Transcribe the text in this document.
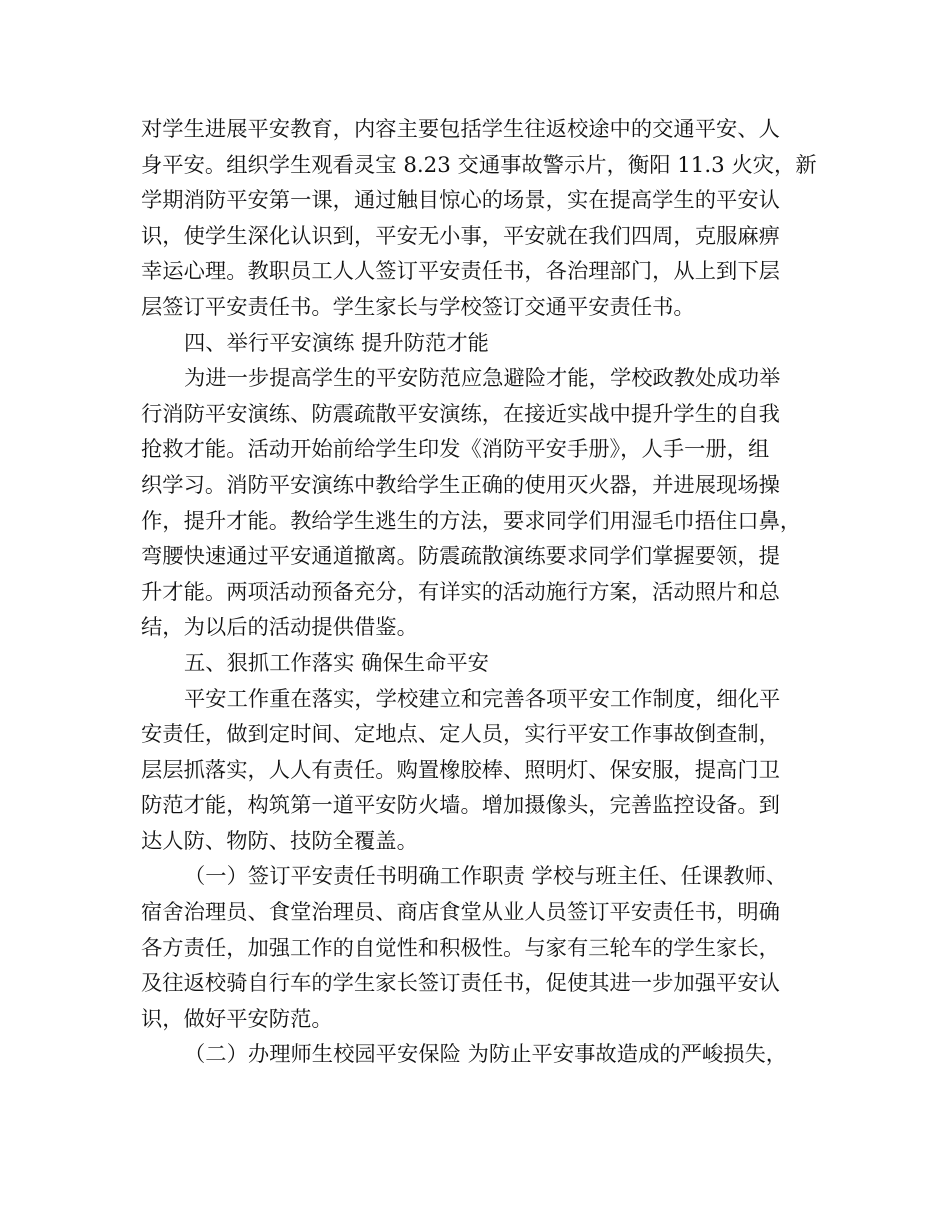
对学生进展平安教育，内容主要包括学生往返校途中的交通平安、人
身平安。组织学生观看灵宝 8.23 交通事故警示片，衡阳 11.3 火灾，新
学期消防平安第一课，通过触目惊心的场景，实在提高学生的平安认
识，使学生深化认识到，平安无小事，平安就在我们四周，克服麻痹
幸运心理。教职员工人人签订平安责任书，各治理部门，从上到下层
层签订平安责任书。学生家长与学校签订交通平安责任书。
四、举行平安演练 提升防范才能
为进一步提高学生的平安防范应急避险才能，学校政教处成功举
行消防平安演练、防震疏散平安演练，在接近实战中提升学生的自我
抢救才能。活动开始前给学生印发《消防平安手册》，人手一册，组
织学习。消防平安演练中教给学生正确的使用灭火器，并进展现场操
作，提升才能。教给学生逃生的方法，要求同学们用湿毛巾捂住口鼻，
弯腰快速通过平安通道撤离。防震疏散演练要求同学们掌握要领，提
升才能。两项活动预备充分，有详实的活动施行方案，活动照片和总
结，为以后的活动提供借鉴。
五、狠抓工作落实 确保生命平安
平安工作重在落实，学校建立和完善各项平安工作制度，细化平
安责任，做到定时间、定地点、定人员，实行平安工作事故倒查制，
层层抓落实，人人有责任。购置橡胶棒、照明灯、保安服，提高门卫
防范才能，构筑第一道平安防火墙。增加摄像头，完善监控设备。到
达人防、物防、技防全覆盖。
（一）签订平安责任书明确工作职责 学校与班主任、任课教师、
宿舍治理员、食堂治理员、商店食堂从业人员签订平安责任书，明确
各方责任，加强工作的自觉性和积极性。与家有三轮车的学生家长，
及往返校骑自行车的学生家长签订责任书，促使其进一步加强平安认
识，做好平安防范。
（二）办理师生校园平安保险 为防止平安事故造成的严峻损失，
